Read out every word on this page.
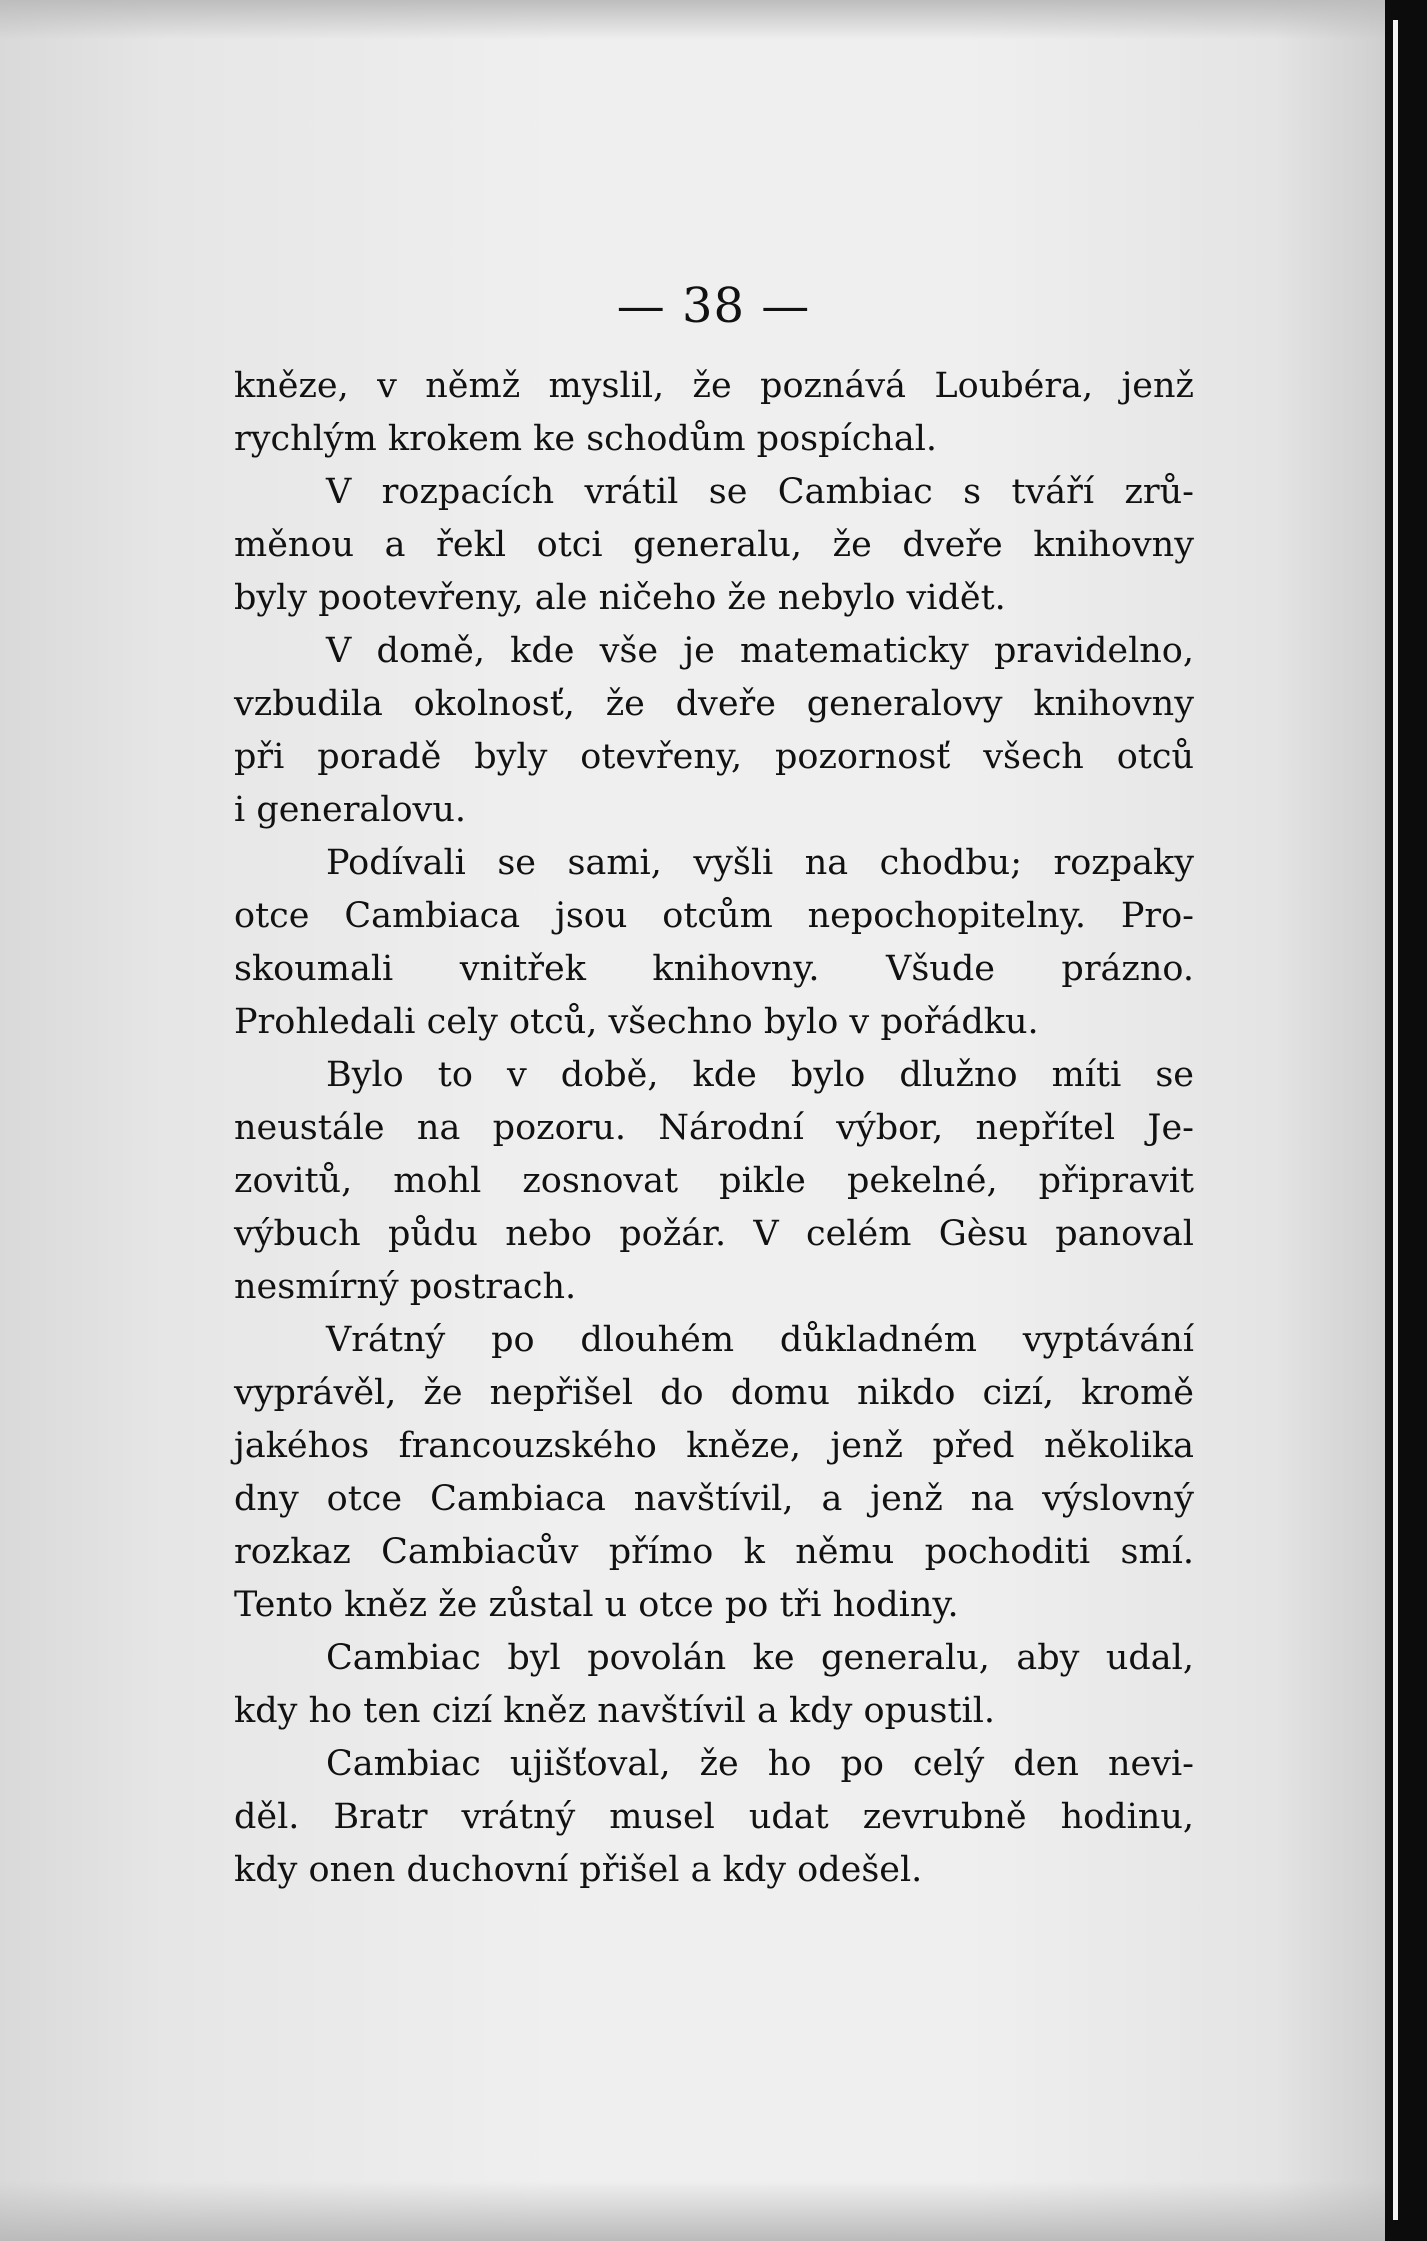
— 38 —
kněze, v němž myslil, že poznává Loubéra, jenž
rychlým krokem ke schodům pospíchal.
V rozpacích vrátil se Cambiac s tváří zrů-
měnou a řekl otci generalu, že dveře knihovny
byly pootevřeny, ale ničeho že nebylo vidět.
V domě, kde vše je matematicky pravidelno,
vzbudila okolnosť, že dveře generalovy knihovny
při poradě byly otevřeny, pozornosť všech otců
i generalovu.
Podívali se sami, vyšli na chodbu; rozpaky
otce Cambiaca jsou otcům nepochopitelny. Pro-
skoumali vnitřek knihovny. Všude prázno.
Prohledali cely otců, všechno bylo v pořádku.
Bylo to v době, kde bylo dlužno míti se
neustále na pozoru. Národní výbor, nepřítel Je-
zovitů, mohl zosnovat pikle pekelné, připravit
výbuch půdu nebo požár. V celém Gèsu panoval
nesmírný postrach.
Vrátný po dlouhém důkladném vyptávání
vyprávěl, že nepřišel do domu nikdo cizí, kromě
jakéhos francouzského kněze, jenž před několika
dny otce Cambiaca navštívil, a jenž na výslovný
rozkaz Cambiacův přímo k němu pochoditi smí.
Tento kněz že zůstal u otce po tři hodiny.
Cambiac byl povolán ke generalu, aby udal,
kdy ho ten cizí kněz navštívil a kdy opustil.
Cambiac ujišťoval, že ho po celý den nevi-
děl. Bratr vrátný musel udat zevrubně hodinu,
kdy onen duchovní přišel a kdy odešel.
